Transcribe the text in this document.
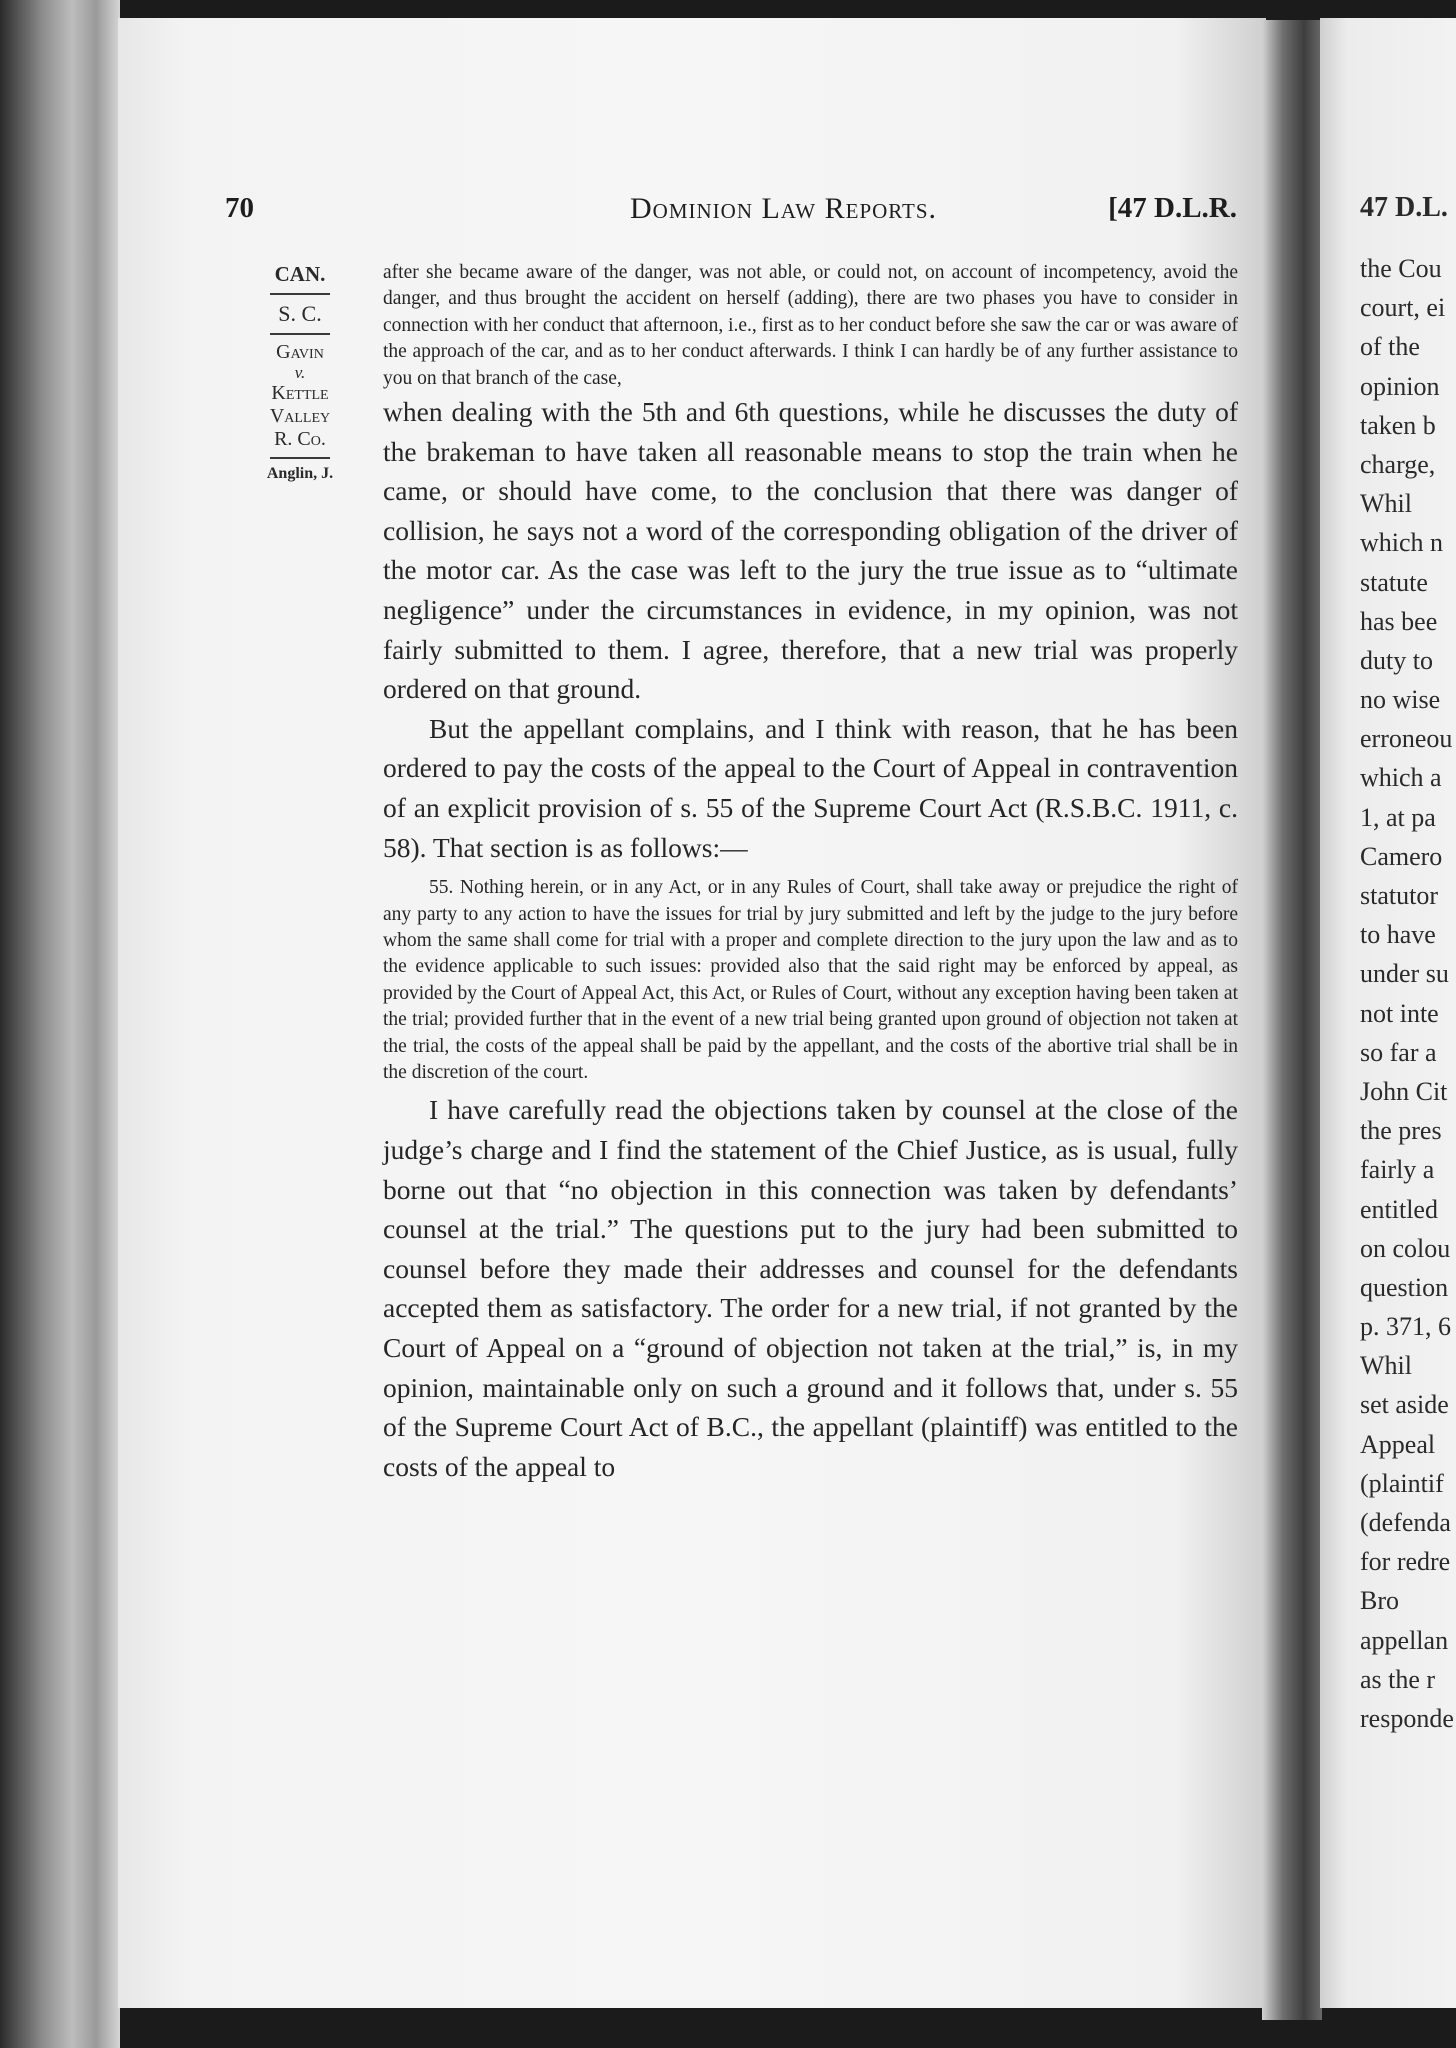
70	Dominion Law Reports.	[47 D.L.R.
CAN.
S. C.
Gavin
v.
Kettle
Valley
R. Co.
Anglin, J.

after she became aware of the danger, was not able, or could not, on account of incompetency, avoid the danger, and thus brought the accident on herself (adding), there are two phases you have to consider in connection with her conduct that afternoon, i.e., first as to her conduct before she saw the car or was aware of the approach of the car, and as to her conduct afterwards. I think I can hardly be of any further assistance to you on that branch of the case,

when dealing with the 5th and 6th questions, while he discusses the duty of the brakeman to have taken all reasonable means to stop the train when he came, or should have come, to the conclusion that there was danger of collision, he says not a word of the corresponding obligation of the driver of the motor car. As the case was left to the jury the true issue as to “ultimate negligence” under the circumstances in evidence, in my opinion, was not fairly submitted to them. I agree, therefore, that a new trial was properly ordered on that ground.

But the appellant complains, and I think with reason, that he has been ordered to pay the costs of the appeal to the Court of Appeal in contravention of an explicit provision of s. 55 of the Supreme Court Act (R.S.B.C. 1911, c. 58). That section is as follows:—

55. Nothing herein, or in any Act, or in any Rules of Court, shall take away or prejudice the right of any party to any action to have the issues for trial by jury submitted and left by the judge to the jury before whom the same shall come for trial with a proper and complete direction to the jury upon the law and as to the evidence applicable to such issues: provided also that the said right may be enforced by appeal, as provided by the Court of Appeal Act, this Act, or Rules of Court, without any exception having been taken at the trial; provided further that in the event of a new trial being granted upon ground of objection not taken at the trial, the costs of the appeal shall be paid by the appellant, and the costs of the abortive trial shall be in the discretion of the court.

I have carefully read the objections taken by counsel at the close of the judge’s charge and I find the statement of the Chief Justice, as is usual, fully borne out that “no objection in this connection was taken by defendants’ counsel at the trial.” The questions put to the jury had been submitted to counsel before they made their addresses and counsel for the defendants accepted them as satisfactory. The order for a new trial, if not granted by the Court of Appeal on a “ground of objection not taken at the trial,” is, in my opinion, maintainable only on such a ground and it follows that, under s. 55 of the Supreme Court Act of B.C., the appellant (plaintiff) was entitled to the costs of the appeal to

47 D.L.
the Cou
court, ei
of the
opinion
taken b
charge,
Whil
which n
statute
has bee
duty to
no wise
erroneou
which a
1, at pa
Camero
statutor
to have
under su
not inte
so far a
John Cit
the pres
fairly a
entitled
on colou
question
p. 371, 6
Whil
set aside
Appeal
(plaintif
(defenda
for redre
Bro
appellan
as the r
responde
